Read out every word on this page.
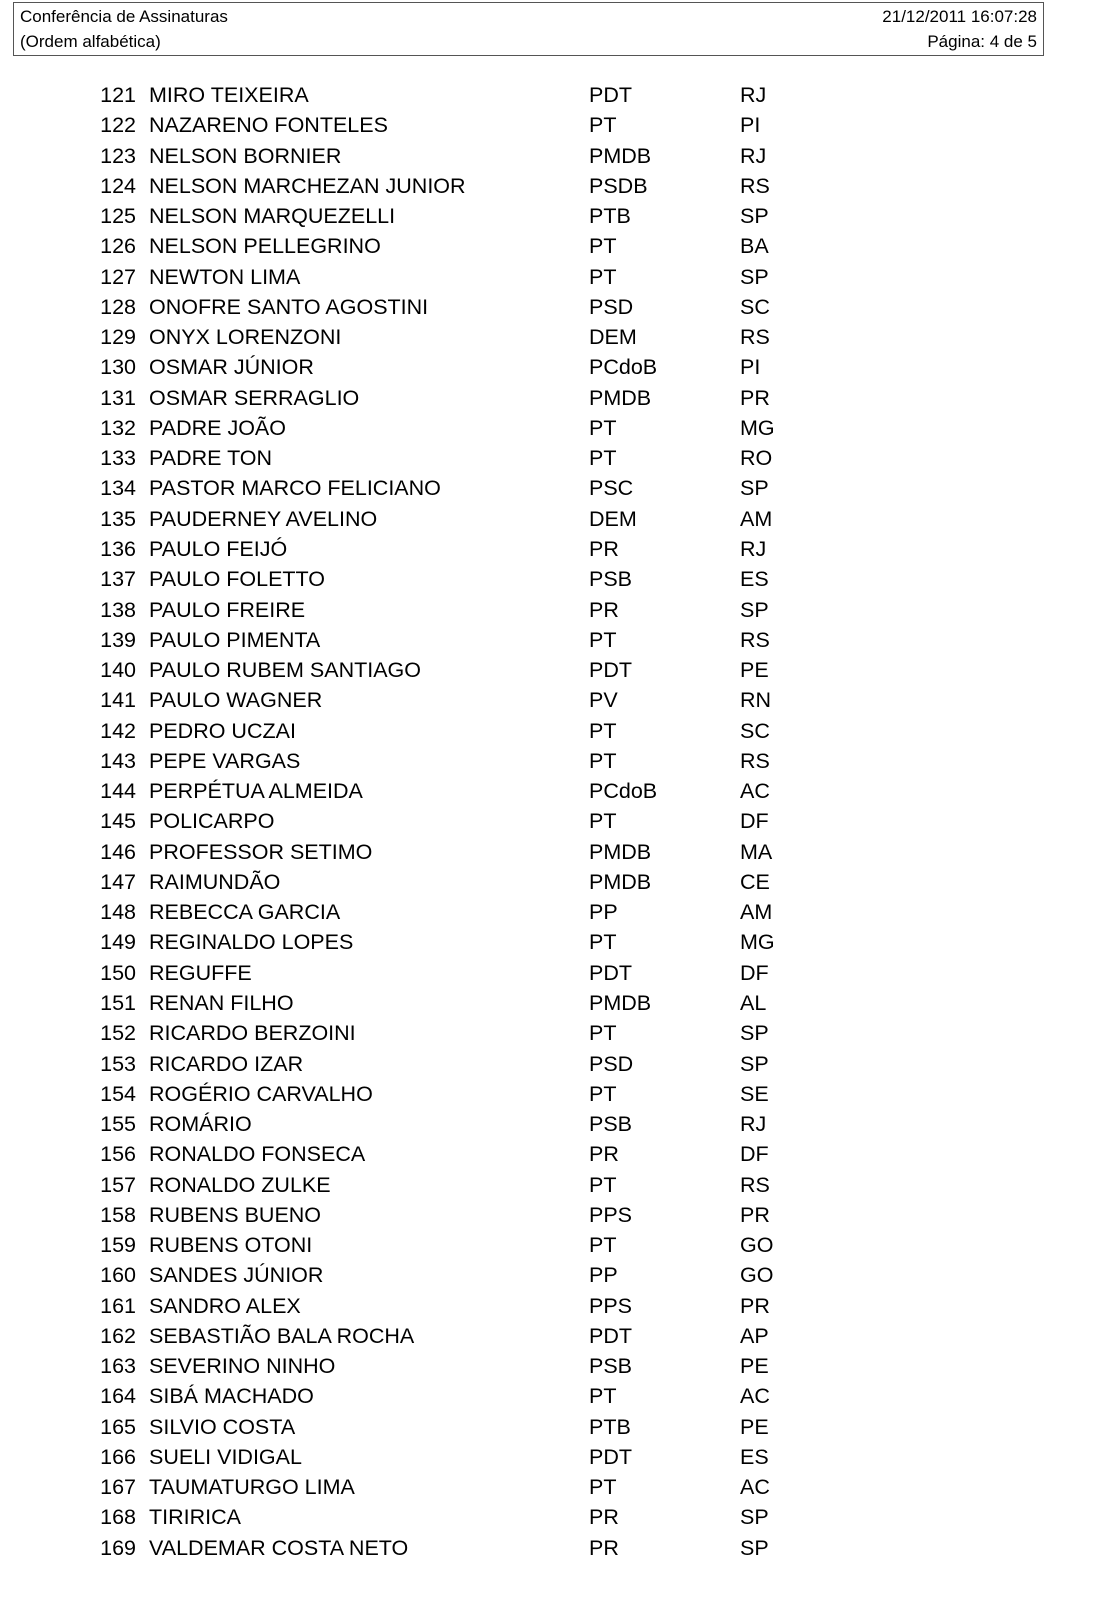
Conferência de Assinaturas
(Ordem alfabética)
21/12/2011 16:07:28
Página: 4 de 5
121 MIRO TEIXEIRA	PDT	RJ
122 NAZARENO FONTELES	PT	PI
123 NELSON BORNIER	PMDB	RJ
124 NELSON MARCHEZAN JUNIOR	PSDB	RS
125 NELSON MARQUEZELLI	PTB	SP
126 NELSON PELLEGRINO	PT	BA
127 NEWTON LIMA	PT	SP
128 ONOFRE SANTO AGOSTINI	PSD	SC
129 ONYX LORENZONI	DEM	RS
130 OSMAR JÚNIOR	PCdoB	PI
131 OSMAR SERRAGLIO	PMDB	PR
132 PADRE JOÃO	PT	MG
133 PADRE TON	PT	RO
134 PASTOR MARCO FELICIANO	PSC	SP
135 PAUDERNEY AVELINO	DEM	AM
136 PAULO FEIJÓ	PR	RJ
137 PAULO FOLETTO	PSB	ES
138 PAULO FREIRE	PR	SP
139 PAULO PIMENTA	PT	RS
140 PAULO RUBEM SANTIAGO	PDT	PE
141 PAULO WAGNER	PV	RN
142 PEDRO UCZAI	PT	SC
143 PEPE VARGAS	PT	RS
144 PERPÉTUA ALMEIDA	PCdoB	AC
145 POLICARPO	PT	DF
146 PROFESSOR SETIMO	PMDB	MA
147 RAIMUNDÃO	PMDB	CE
148 REBECCA GARCIA	PP	AM
149 REGINALDO LOPES	PT	MG
150 REGUFFE	PDT	DF
151 RENAN FILHO	PMDB	AL
152 RICARDO BERZOINI	PT	SP
153 RICARDO IZAR	PSD	SP
154 ROGÉRIO CARVALHO	PT	SE
155 ROMÁRIO	PSB	RJ
156 RONALDO FONSECA	PR	DF
157 RONALDO ZULKE	PT	RS
158 RUBENS BUENO	PPS	PR
159 RUBENS OTONI	PT	GO
160 SANDES JÚNIOR	PP	GO
161 SANDRO ALEX	PPS	PR
162 SEBASTIÃO BALA ROCHA	PDT	AP
163 SEVERINO NINHO	PSB	PE
164 SIBÁ MACHADO	PT	AC
165 SILVIO COSTA	PTB	PE
166 SUELI VIDIGAL	PDT	ES
167 TAUMATURGO LIMA	PT	AC
168 TIRIRICA	PR	SP
169 VALDEMAR COSTA NETO	PR	SP
